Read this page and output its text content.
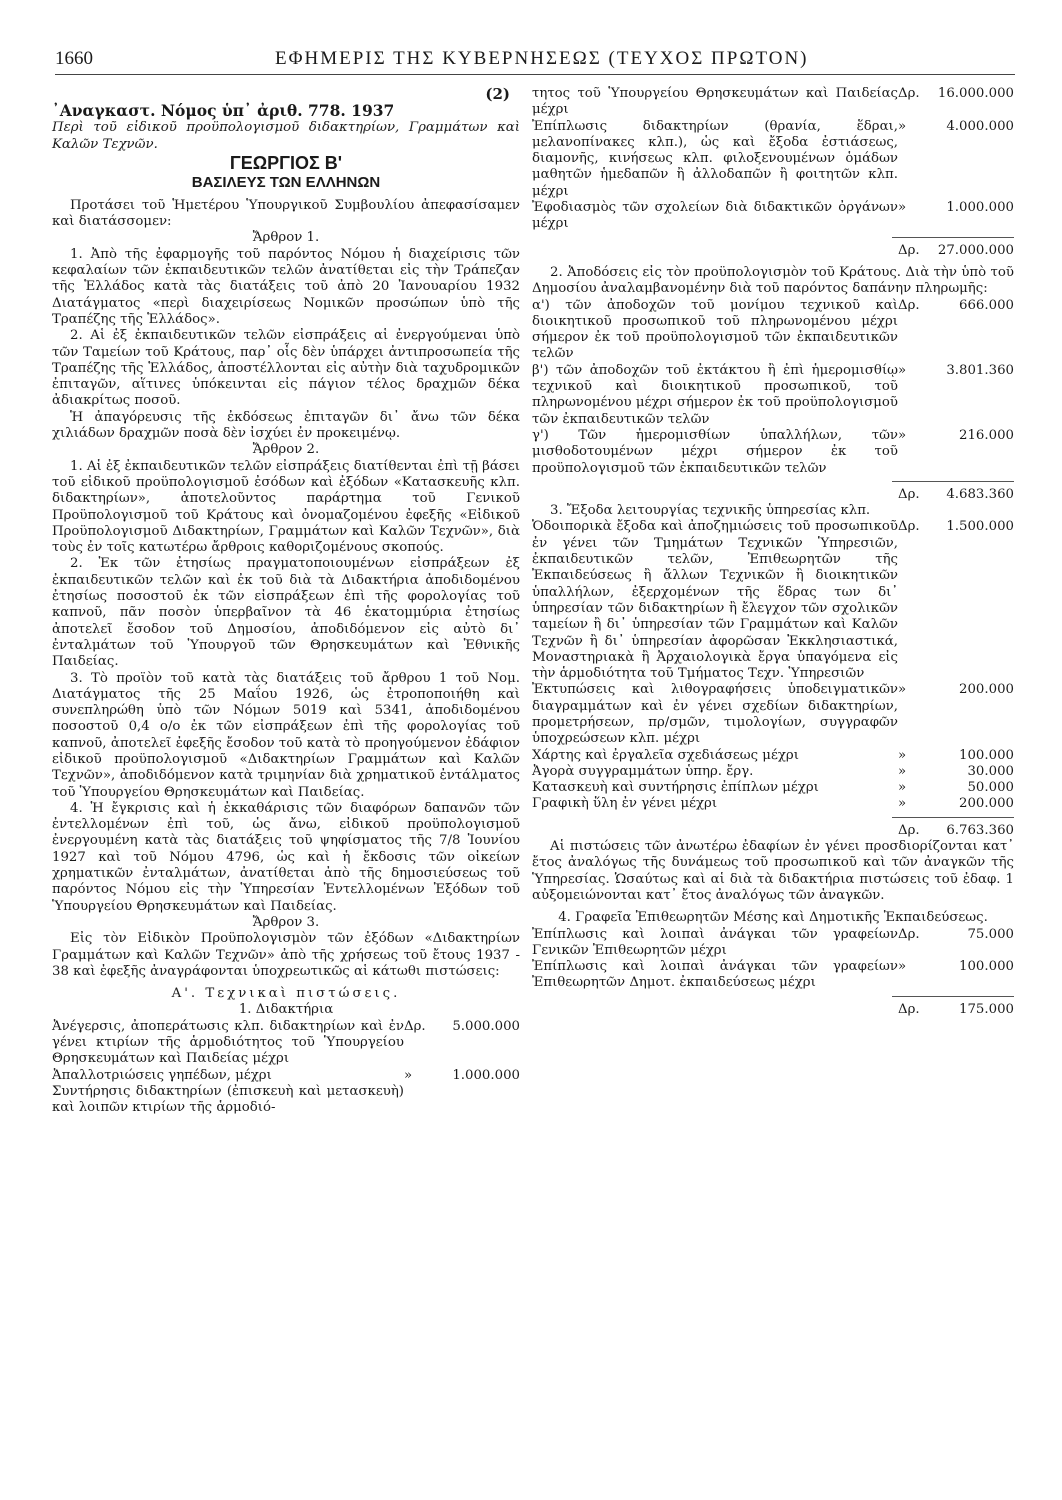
1660	ΕΦΗΜΕΡΙΣ ΤΗΣ ΚΥΒΕΡΝΗΣΕΩΣ (ΤΕΥΧΟΣ ΠΡΩΤΟΝ)

(2)

᾿Αναγκαστ. Νόμος ὑπ᾿ ἀριθ. 778. 1937

Περὶ τοῦ εἰδικοῦ προϋπολογισμοῦ διδακτηρίων, Γραμμάτων καὶ Καλῶν Τεχνῶν.

ΓΕΩΡΓΙΟΣ Β'

ΒΑΣΙΛΕΥΣ ΤΩΝ ΕΛΛΗΝΩΝ

Προτάσει τοῦ Ἡμετέρου Ὑπουργικοῦ Συμβουλίου ἀπεφασίσαμεν καὶ διατάσσομεν:

Ἄρθρον 1.

1. Ἀπὸ τῆς ἐφαρμογῆς τοῦ παρόντος Νόμου ἡ διαχείρισις τῶν κεφαλαίων τῶν ἐκπαιδευτικῶν τελῶν ἀνατίθεται εἰς τὴν Τράπεζαν τῆς Ἑλλάδος κατὰ τὰς διατάξεις τοῦ ἀπὸ 20 Ἰανουαρίου 1932 Διατάγματος «περὶ διαχειρίσεως Νομικῶν προσώπων ὑπὸ τῆς Τραπέζης τῆς Ἑλλάδος».

2. Αἱ ἐξ ἐκπαιδευτικῶν τελῶν εἰσπράξεις αἱ ἐνεργούμεναι ὑπὸ τῶν Ταμείων τοῦ Κράτους, παρ᾿ οἷς δὲν ὑπάρχει ἀντιπροσωπεία τῆς Τραπέζης τῆς Ἑλλάδος, ἀποστέλλονται εἰς αὐτὴν διὰ ταχυδρομικῶν ἐπιταγῶν, αἵτινες ὑπόκεινται εἰς πάγιον τέλος δραχμῶν δέκα ἀδιακρίτως ποσοῦ.

Ἡ ἀπαγόρευσις τῆς ἐκδόσεως ἐπιταγῶν δι᾿ ἄνω τῶν δέκα χιλιάδων δραχμῶν ποσὰ δὲν ἰσχύει ἐν προκειμένῳ.

Ἄρθρον 2.

1. Αἱ ἐξ ἐκπαιδευτικῶν τελῶν εἰσπράξεις διατίθενται ἐπὶ τῇ βάσει τοῦ εἰδικοῦ προϋπολογισμοῦ ἐσόδων καὶ ἐξόδων «Κατασκευῆς κλπ. διδακτηρίων», ἀποτελοῦντος παράρτημα τοῦ Γενικοῦ Προϋπολογισμοῦ τοῦ Κράτους καὶ ὀνομαζομένου ἐφεξῆς «Εἰδικοῦ Προϋπολογισμοῦ Διδακτηρίων, Γραμμάτων καὶ Καλῶν Τεχνῶν», διὰ τοὺς ἐν τοῖς κατωτέρω ἄρθροις καθοριζομένους σκοπούς.

2. Ἐκ τῶν ἐτησίως πραγματοποιουμένων εἰσπράξεων ἐξ ἐκπαιδευτικῶν τελῶν καὶ ἐκ τοῦ διὰ τὰ Διδακτήρια ἀποδιδομένου ἐτησίως ποσοστοῦ ἐκ τῶν εἰσπράξεων ἐπὶ τῆς φορολογίας τοῦ καπνοῦ, πᾶν ποσὸν ὑπερβαῖνον τὰ 46 ἑκατομμύρια ἐτησίως ἀποτελεῖ ἔσοδον τοῦ Δημοσίου, ἀποδιδόμενον εἰς αὐτὸ δι᾿ ἐνταλμάτων τοῦ Ὑπουργοῦ τῶν Θρησκευμάτων καὶ Ἐθνικῆς Παιδείας.

3. Τὸ προϊὸν τοῦ κατὰ τὰς διατάξεις τοῦ ἄρθρου 1 τοῦ Νομ. Διατάγματος τῆς 25 Μαΐου 1926, ὡς ἐτροποποιήθη καὶ συνεπληρώθη ὑπὸ τῶν Νόμων 5019 καὶ 5341, ἀποδιδομένου ποσοστοῦ 0,4 ο/ο ἐκ τῶν εἰσπράξεων ἐπὶ τῆς φορολογίας τοῦ καπνοῦ, ἀποτελεῖ ἐφεξῆς ἔσοδον τοῦ κατὰ τὸ προηγούμενον ἐδάφιον εἰδικοῦ προϋπολογισμοῦ «Διδακτηρίων Γραμμάτων καὶ Καλῶν Τεχνῶν», ἀποδιδόμενον κατὰ τριμηνίαν διὰ χρηματικοῦ ἐντάλματος τοῦ Ὑπουργείου Θρησκευμάτων καὶ Παιδείας.

4. Ἡ ἔγκρισις καὶ ἡ ἐκκαθάρισις τῶν διαφόρων δαπανῶν τῶν ἐντελλομένων ἐπὶ τοῦ, ὡς ἄνω, εἰδικοῦ προϋπολογισμοῦ ἐνεργουμένη κατὰ τὰς διατάξεις τοῦ ψηφίσματος τῆς 7/8 Ἰουνίου 1927 καὶ τοῦ Νόμου 4796, ὡς καὶ ἡ ἔκδοσις τῶν οἰκείων χρηματικῶν ἐνταλμάτων, ἀνατίθεται ἀπὸ τῆς δημοσιεύσεως τοῦ παρόντος Νόμου εἰς τὴν Ὑπηρεσίαν Ἐντελλομένων Ἐξόδων τοῦ Ὑπουργείου Θρησκευμάτων καὶ Παιδείας.

Ἄρθρον 3.

Εἰς τὸν Εἰδικὸν Προϋπολογισμὸν τῶν ἐξόδων «Διδακτηρίων Γραμμάτων καὶ Καλῶν Τεχνῶν» ἀπὸ τῆς χρήσεως τοῦ ἔτους 1937 - 38 καὶ ἐφεξῆς ἀναγράφονται ὑποχρεωτικῶς αἱ κάτωθι πιστώσεις:

Α'. Τεχνικαὶ πιστώσεις.

1. Διδακτήρια

Ἀνέγερσις, ἀποπεράτωσις κλπ. διδακτηρίων καὶ ἐν γένει κτιρίων τῆς ἁρμοδιότητος τοῦ Ὑπουργείου Θρησκευμάτων καὶ Παιδείας μέχρι
Δρ.	5.000.000
Ἀπαλλοτριώσεις γηπέδων, μέχρι	»	1.000.000

Συντήρησις διδακτηρίων (ἐπισκευὴ καὶ μετασκευὴ) καὶ λοιπῶν κτιρίων τῆς ἁρμοδιό-

τητος τοῦ Ὑπουργείου Θρησκευμάτων καὶ Παιδείας μέχρι
Δρ.	16.000.000
Ἐπίπλωσις διδακτηρίων (θρανία, ἕδραι, μελανοπίνακες κλπ.), ὡς καὶ ἔξοδα ἐστιάσεως, διαμονῆς, κινήσεως κλπ. φιλοξενουμένων ὁμάδων μαθητῶν ἡμεδαπῶν ἢ ἀλλοδαπῶν ἢ φοιτητῶν κλπ. μέχρι
»	4.000.000
Ἐφοδιασμὸς τῶν σχολείων διὰ διδακτικῶν ὀργάνων μέχρι
»	1.000.000
Δρ.	27.000.000

2. Ἀποδόσεις εἰς τὸν προϋπολογισμὸν τοῦ Κράτους. Διὰ τὴν ὑπὸ τοῦ Δημοσίου ἀναλαμβανομένην διὰ τοῦ παρόντος δαπάνην πληρωμῆς:

α') τῶν ἀποδοχῶν τοῦ μονίμου τεχνικοῦ καὶ διοικητικοῦ προσωπικοῦ τοῦ πληρωνομένου μέχρι σήμερον ἐκ τοῦ προϋπολογισμοῦ τῶν ἐκπαιδευτικῶν τελῶν
Δρ.	666.000
β') τῶν ἀποδοχῶν τοῦ ἐκτάκτου ἢ ἐπὶ ἡμερομισθίῳ τεχνικοῦ καὶ διοικητικοῦ προσωπικοῦ, τοῦ πληρωνομένου μέχρι σήμερον ἐκ τοῦ προϋπολογισμοῦ τῶν ἐκπαιδευτικῶν τελῶν
»	3.801.360
γ') Τῶν ἡμερομισθίων ὑπαλλήλων, τῶν μισθοδοτουμένων μέχρι σήμερον ἐκ τοῦ προϋπολογισμοῦ τῶν ἐκπαιδευτικῶν τελῶν
»	216.000
Δρ.	4.683.360

3. Ἔξοδα λειτουργίας τεχνικῆς ὑπηρεσίας κλπ.

Ὁδοιπορικὰ ἔξοδα καὶ ἀποζημιώσεις τοῦ προσωπικοῦ ἐν γένει τῶν Τμημάτων Τεχνικῶν Ὑπηρεσιῶν, ἐκπαιδευτικῶν τελῶν, Ἐπιθεωρητῶν τῆς Ἐκπαιδεύσεως ἢ ἄλλων Τεχνικῶν ἢ διοικητικῶν ὑπαλλήλων, ἐξερχομένων τῆς ἕδρας των δι᾿ ὑπηρεσίαν τῶν διδακτηρίων ἢ ἔλεγχον τῶν σχολικῶν ταμείων ἢ δι᾿ ὑπηρεσίαν τῶν Γραμμάτων καὶ Καλῶν Τεχνῶν ἢ δι᾿ ὑπηρεσίαν ἀφορῶσαν Ἐκκλησιαστικά, Μοναστηριακὰ ἢ Ἀρχαιολογικὰ ἔργα ὑπαγόμενα εἰς τὴν ἁρμοδιότητα τοῦ Τμήματος Τεχν. Ὑπηρεσιῶν
Δρ.	1.500.000
Ἐκτυπώσεις καὶ λιθογραφήσεις ὑποδειγματικῶν διαγραμμάτων καὶ ἐν γένει σχεδίων διδακτηρίων, προμετρήσεων, πρ/σμῶν, τιμολογίων, συγγραφῶν ὑποχρεώσεων κλπ. μέχρι
»	200.000
Χάρτης καὶ ἐργαλεῖα σχεδιάσεως μέχρι	»	100.000
Ἀγορὰ συγγραμμάτων ὑπηρ. ἔργ.	»	30.000
Κατασκευὴ καὶ συντήρησις ἐπίπλων μέχρι	»	50.000
Γραφικὴ ὕλη ἐν γένει μέχρι	»	200.000
Δρ.	6.763.360

Αἱ πιστώσεις τῶν ἀνωτέρω ἐδαφίων ἐν γένει προσδιορίζονται κατ᾿ ἔτος ἀναλόγως τῆς δυνάμεως τοῦ προσωπικοῦ καὶ τῶν ἀναγκῶν τῆς Ὑπηρεσίας. Ὡσαύτως καὶ αἱ διὰ τὰ διδακτήρια πιστώσεις τοῦ ἐδαφ. 1 αὐξομειώνονται κατ᾿ ἔτος ἀναλόγως τῶν ἀναγκῶν.

4. Γραφεῖα Ἐπιθεωρητῶν Μέσης καὶ Δημοτικῆς Ἐκπαιδεύσεως.

Ἐπίπλωσις καὶ λοιπαὶ ἀνάγκαι τῶν γραφείων Γενικῶν Ἐπιθεωρητῶν μέχρι
Δρ.	75.000
Ἐπίπλωσις καὶ λοιπαὶ ἀνάγκαι τῶν γραφείων Ἐπιθεωρητῶν Δημοτ. ἐκπαιδεύσεως μέχρι
»	100.000
Δρ.	175.000
